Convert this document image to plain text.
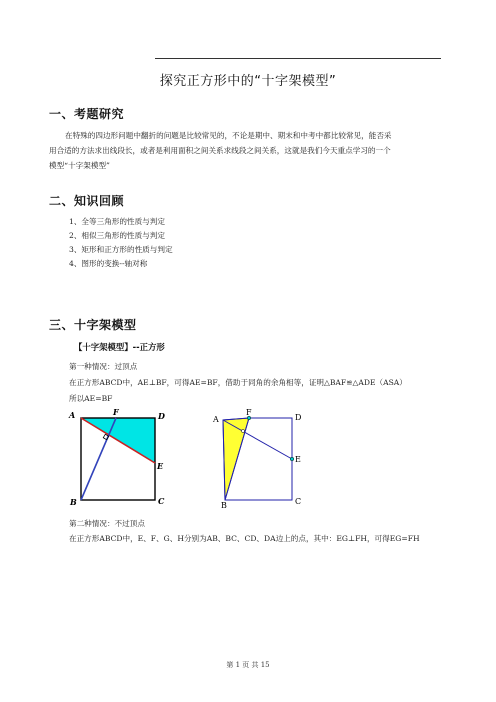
探究正方形中的“十字架模型”
一、考题研究
在特殊的四边形问题中翻折的问题是比较常见的，不论是期中、期末和中考中都比较常见，能否采
用合适的方法求出线段长，或者是利用面积之间关系求线段之间关系，这就是我们今天重点学习的一个
模型“十字架模型”
二、知识回顾
1、全等三角形的性质与判定
2、相似三角形的性质与判定
3、矩形和正方形的性质与判定
4、图形的变换--轴对称
三、十字架模型
【十字架模型】--正方形
第一种情况：过顶点
在正方形ABCD中，AE⊥BF，可得AE=BF，借助于同角的余角相等，证明△BAF≌△ADE（ASA）
所以AE=BF
A	F	D
E
B	C
A
F
D
E
B	C
第二种情况：不过顶点
在正方形ABCD中，E、F、G、H分别为AB、BC、CD、DA边上的点，其中：EG⊥FH，可得EG=FH
第 1 页 共 15
